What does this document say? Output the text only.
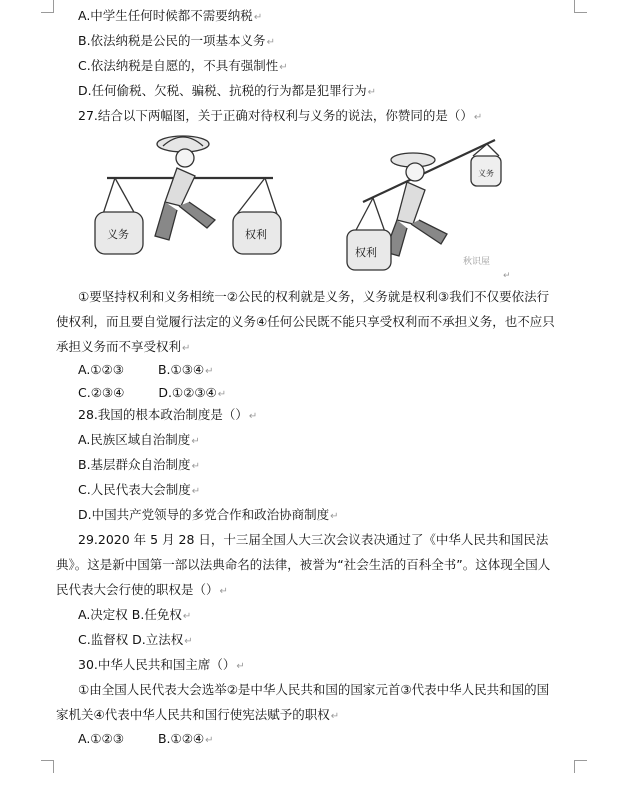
A.中学生任何时候都不需要纳税↵
B.依法纳税是公民的一项基本义务↵
C.依法纳税是自愿的，不具有强制性↵
D.任何偷税、欠税、骗税、抗税的行为都是犯罪行为↵
27.结合以下两幅图，关于正确对待权利与义务的说法，你赞同的是（）↵
义务	权利
权利
义务
秋识屋
↵
①要坚持权利和义务相统一②公民的权利就是义务，义务就是权利③我们不仅要依法行
使权利，而且要自觉履行法定的义务④任何公民既不能只享受权利而不承担义务，也不应只
承担义务而不享受权利↵
A.①②③	B.①③④↵
C.②③④	D.①②③④↵
28.我国的根本政治制度是（）↵
A.民族区域自治制度↵
B.基层群众自治制度↵
C.人民代表大会制度↵
D.中国共产党领导的多党合作和政治协商制度↵
29.2020 年 5 月 28 日，十三届全国人大三次会议表决通过了《中华人民共和国民法
典》。这是新中国第一部以法典命名的法律，被誉为“社会生活的百科全书”。这体现全国人
民代表大会行使的职权是（）↵
A.决定权 B.任免权↵
C.监督权 D.立法权↵
30.中华人民共和国主席（）↵
①由全国人民代表大会选举②是中华人民共和国的国家元首③代表中华人民共和国的国
家机关④代表中华人民共和国行使宪法赋予的职权↵
A.①②③	B.①②④↵
